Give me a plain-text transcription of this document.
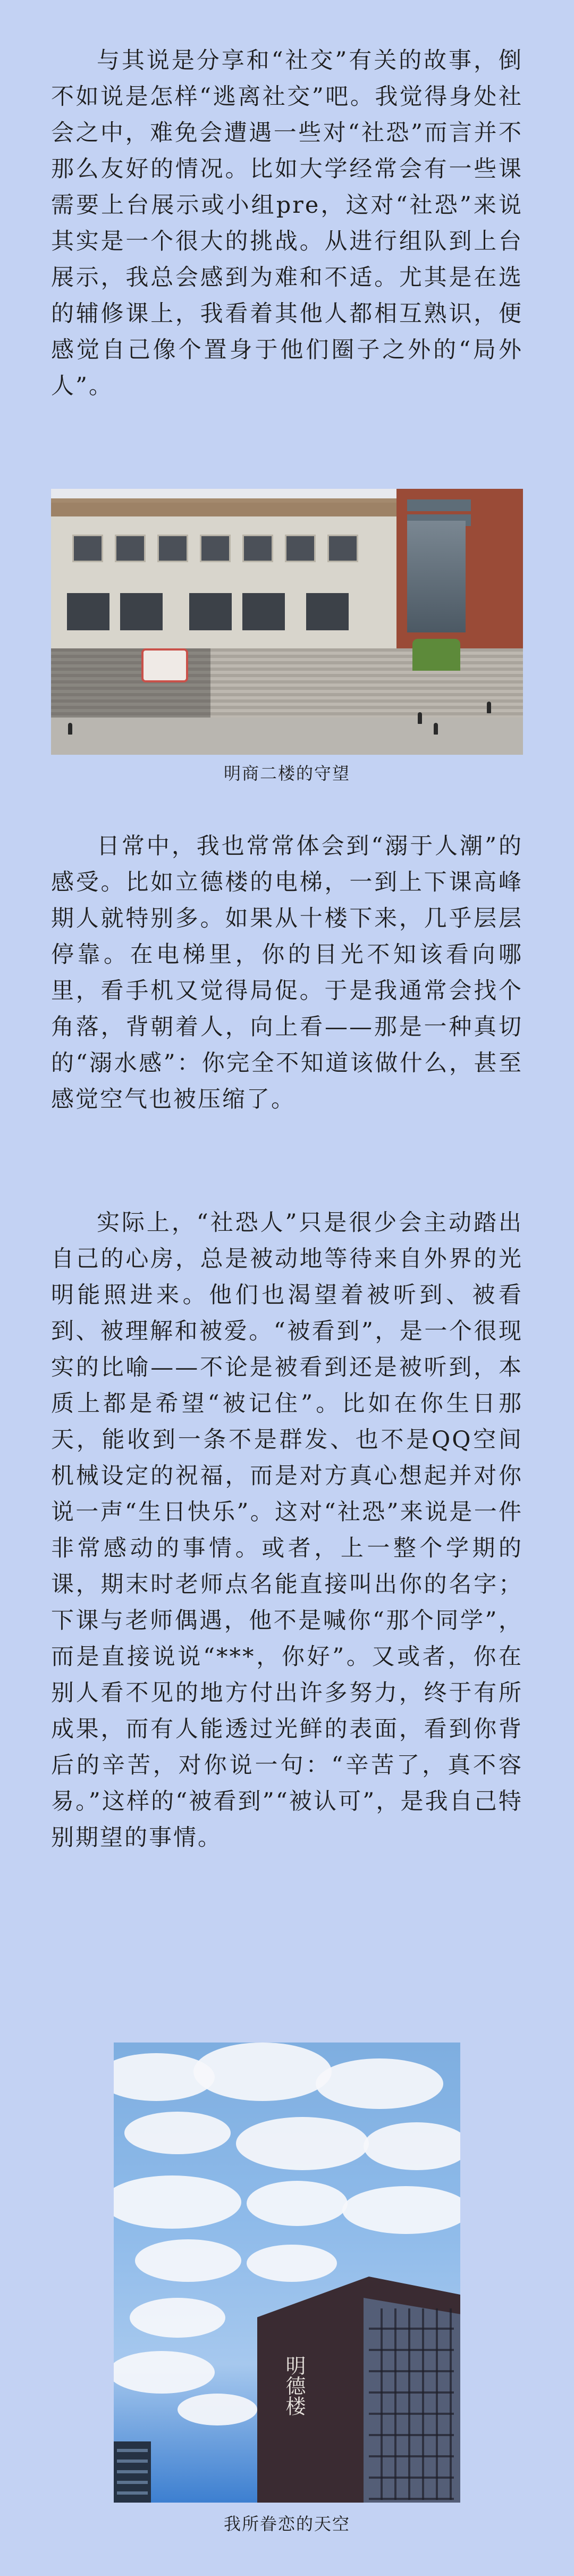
与其说是分享和“社交”有关的故事，倒不如说是怎样“逃离社交”吧。我觉得身处社会之中，难免会遭遇一些对“社恐”而言并不那么友好的情况。比如大学经常会有一些课需要上台展示或小组pre，这对“社恐”来说其实是一个很大的挑战。从进行组队到上台展示，我总会感到为难和不适。尤其是在选的辅修课上，我看着其他人都相互熟识，便感觉自己像个置身于他们圈子之外的“局外人”。

明商二楼的守望

日常中，我也常常体会到“溺于人潮”的感受。比如立德楼的电梯，一到上下课高峰期人就特别多。如果从十楼下来，几乎层层停靠。在电梯里，你的目光不知该看向哪里，看手机又觉得局促。于是我通常会找个角落，背朝着人，向上看——那是一种真切的“溺水感”：你完全不知道该做什么，甚至感觉空气也被压缩了。

实际上，“社恐人”只是很少会主动踏出自己的心房，总是被动地等待来自外界的光明能照进来。他们也渴望着被听到、被看到、被理解和被爱。“被看到”，是一个很现实的比喻——不论是被看到还是被听到，本质上都是希望“被记住”。比如在你生日那天，能收到一条不是群发、也不是QQ空间机械设定的祝福，而是对方真心想起并对你说一声“生日快乐”。这对“社恐”来说是一件非常感动的事情。或者，上一整个学期的课，期末时老师点名能直接叫出你的名字；下课与老师偶遇，他不是喊你“那个同学”，而是直接说说“***，你好”。又或者，你在别人看不见的地方付出许多努力，终于有所成果，而有人能透过光鲜的表面，看到你背后的辛苦，对你说一句：“辛苦了，真不容易。”这样的“被看到”“被认可”，是我自己特别期望的事情。

明德楼
我所眷恋的天空
